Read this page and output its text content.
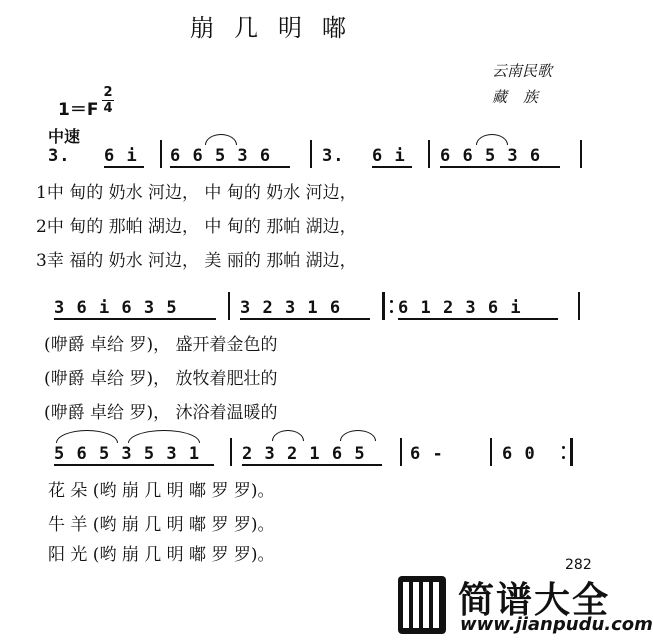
崩几明嘟
云南民歌
藏族
1＝F
2
4
中速
3. 6 i 6 6 5 3 6	3. 6 i 6 6 5 3 6
1中 甸的 奶水 河边， 中 甸的 奶水 河边，
2中 甸的 那帕 湖边， 中 甸的 那帕 湖边，
3幸 福的 奶水 河边， 美 丽的 那帕 湖边，
3 6 i 6 3 5	3 2 3 1 6	6 1 2 3 6 i
(咿爵 卓给 罗)， 盛开着金色的
(咿爵 卓给 罗)， 放牧着肥壮的
(咿爵 卓给 罗)， 沐浴着温暖的
5 6 5 3 5 3 1 2 3 2 1 6 5	6 -	6 0
花 朵 (哟 崩 几 明 嘟 罗 罗)。
牛 羊 (哟 崩 几 明 嘟 罗 罗)。
阳 光 (哟 崩 几 明 嘟 罗 罗)。	282
简谱大全
www.jianpudu.com
